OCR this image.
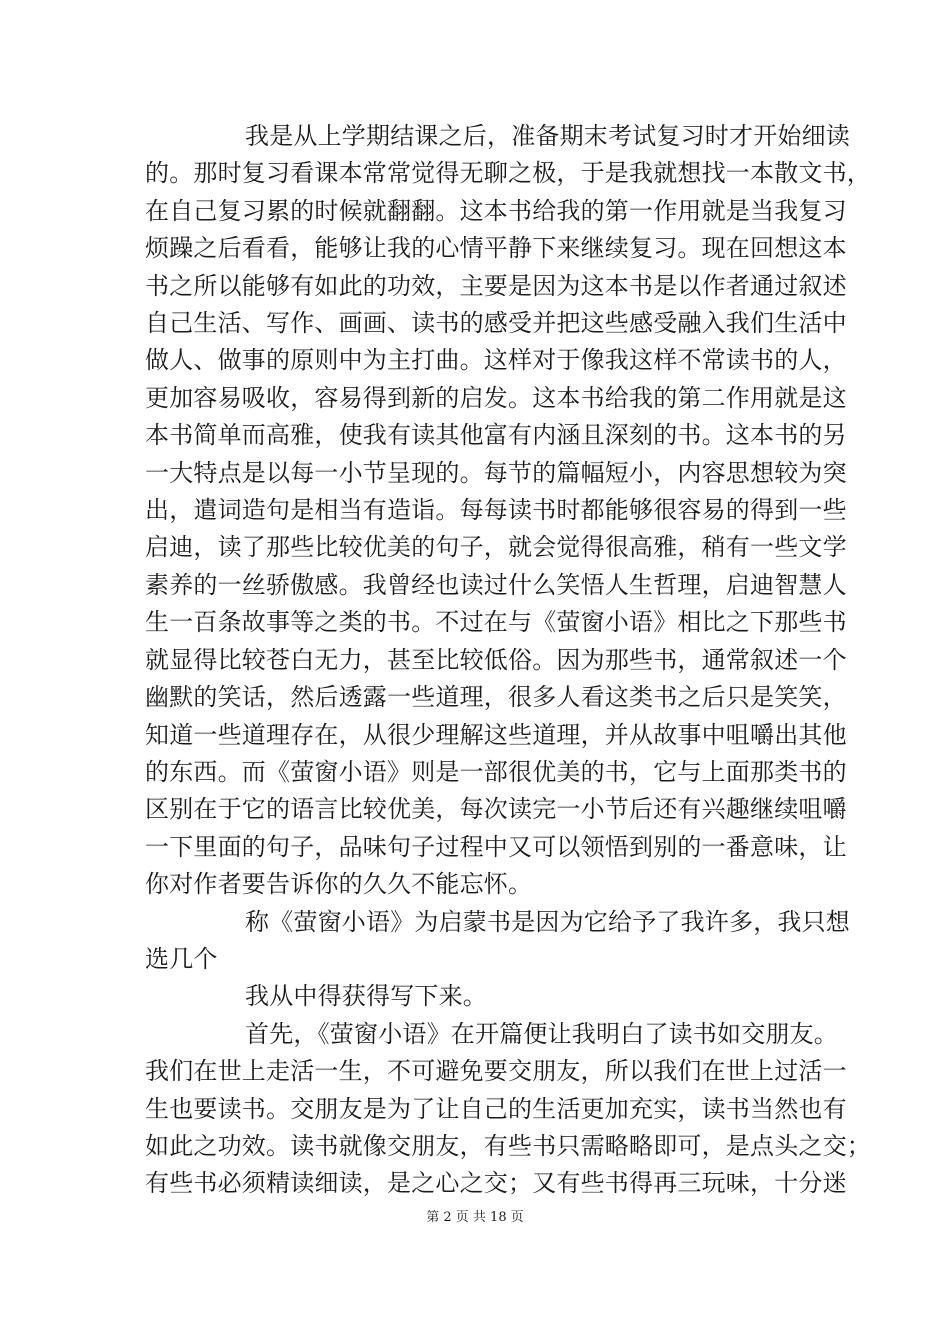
我是从上学期结课之后，准备期末考试复习时才开始细读
的。那时复习看课本常常觉得无聊之极，于是我就想找一本散文书，
在自己复习累的时候就翻翻。这本书给我的第一作用就是当我复习
烦躁之后看看，能够让我的心情平静下来继续复习。现在回想这本
书之所以能够有如此的功效，主要是因为这本书是以作者通过叙述
自己生活、写作、画画、读书的感受并把这些感受融入我们生活中
做人、做事的原则中为主打曲。这样对于像我这样不常读书的人，
更加容易吸收，容易得到新的启发。这本书给我的第二作用就是这
本书简单而高雅，使我有读其他富有内涵且深刻的书。这本书的另
一大特点是以每一小节呈现的。每节的篇幅短小，内容思想较为突
出，遣词造句是相当有造诣。每每读书时都能够很容易的得到一些
启迪，读了那些比较优美的句子，就会觉得很高雅，稍有一些文学
素养的一丝骄傲感。我曾经也读过什么笑悟人生哲理，启迪智慧人
生一百条故事等之类的书。不过在与《萤窗小语》相比之下那些书
就显得比较苍白无力，甚至比较低俗。因为那些书，通常叙述一个
幽默的笑话，然后透露一些道理，很多人看这类书之后只是笑笑，
知道一些道理存在，从很少理解这些道理，并从故事中咀嚼出其他
的东西。而《萤窗小语》则是一部很优美的书，它与上面那类书的
区别在于它的语言比较优美，每次读完一小节后还有兴趣继续咀嚼
一下里面的句子，品味句子过程中又可以领悟到别的一番意味，让
你对作者要告诉你的久久不能忘怀。
称《萤窗小语》为启蒙书是因为它给予了我许多，我只想
选几个
我从中得获得写下来。
首先，《萤窗小语》在开篇便让我明白了读书如交朋友。
我们在世上走活一生，不可避免要交朋友，所以我们在世上过活一
生也要读书。交朋友是为了让自己的生活更加充实，读书当然也有
如此之功效。读书就像交朋友，有些书只需略略即可，是点头之交；
有些书必须精读细读，是之心之交；又有些书得再三玩味，十分迷
第 2 页 共 18 页
